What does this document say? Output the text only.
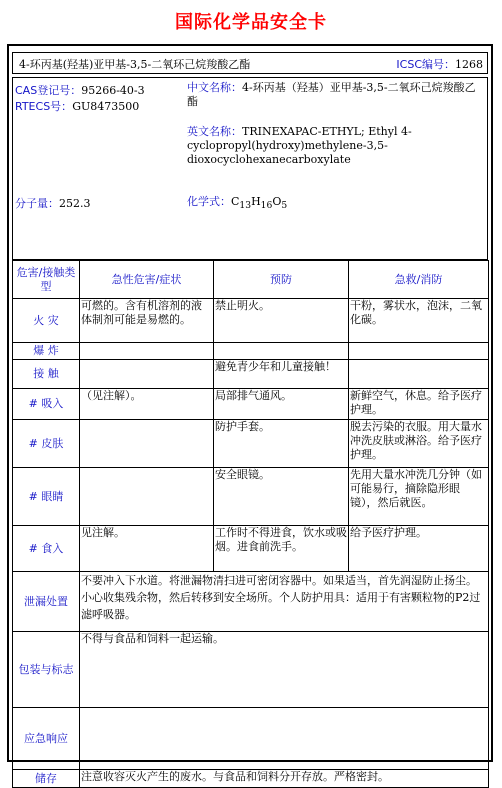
国际化学品安全卡
4-环丙基(羟基)亚甲基-3,5-二氧环己烷羧酸乙酯	ICSC编号：1268
CAS登记号：95266-40-3
RTECS号：GU8473500
中文名称：4-环丙基（羟基）亚甲基-3,5-二氧环己烷羧酸乙酯
英文名称：TRINEXAPAC-ETHYL; Ethyl 4-cyclopropyl(hydroxy)methylene-3,5-dioxocyclohexanecarboxylate
分子量：252.3	化学式：$C_{13}H_{16}O_5$
危害/接触类型	急性危害/症状	预防	急救/消防
火 灾	可燃的。含有机溶剂的液体制剂可能是易燃的。	禁止明火。	干粉，雾状水，泡沫，二氧化碳。
爆 炸			
接 触		避免青少年和儿童接触！	
# 吸入	（见注解）。	局部排气通风。	新鲜空气，休息。给予医疗护理。
# 皮肤		防护手套。	脱去污染的衣服。用大量水冲洗皮肤或淋浴。给予医疗护理。
# 眼睛		安全眼镜。	先用大量水冲洗几分钟（如可能易行，摘除隐形眼镜），然后就医。
# 食入	见注解。	工作时不得进食，饮水或吸烟。进食前洗手。	给予医疗护理。
泄漏处置	不要冲入下水道。将泄漏物清扫进可密闭容器中。如果适当，首先润湿防止扬尘。小心收集残余物，然后转移到安全场所。个人防护用具：适用于有害颗粒物的P2过滤呼吸器。		
包装与标志	不得与食品和饲料一起运输。		
应急响应			
储存	注意收容灭火产生的废水。与食品和饲料分开存放。严格密封。		
